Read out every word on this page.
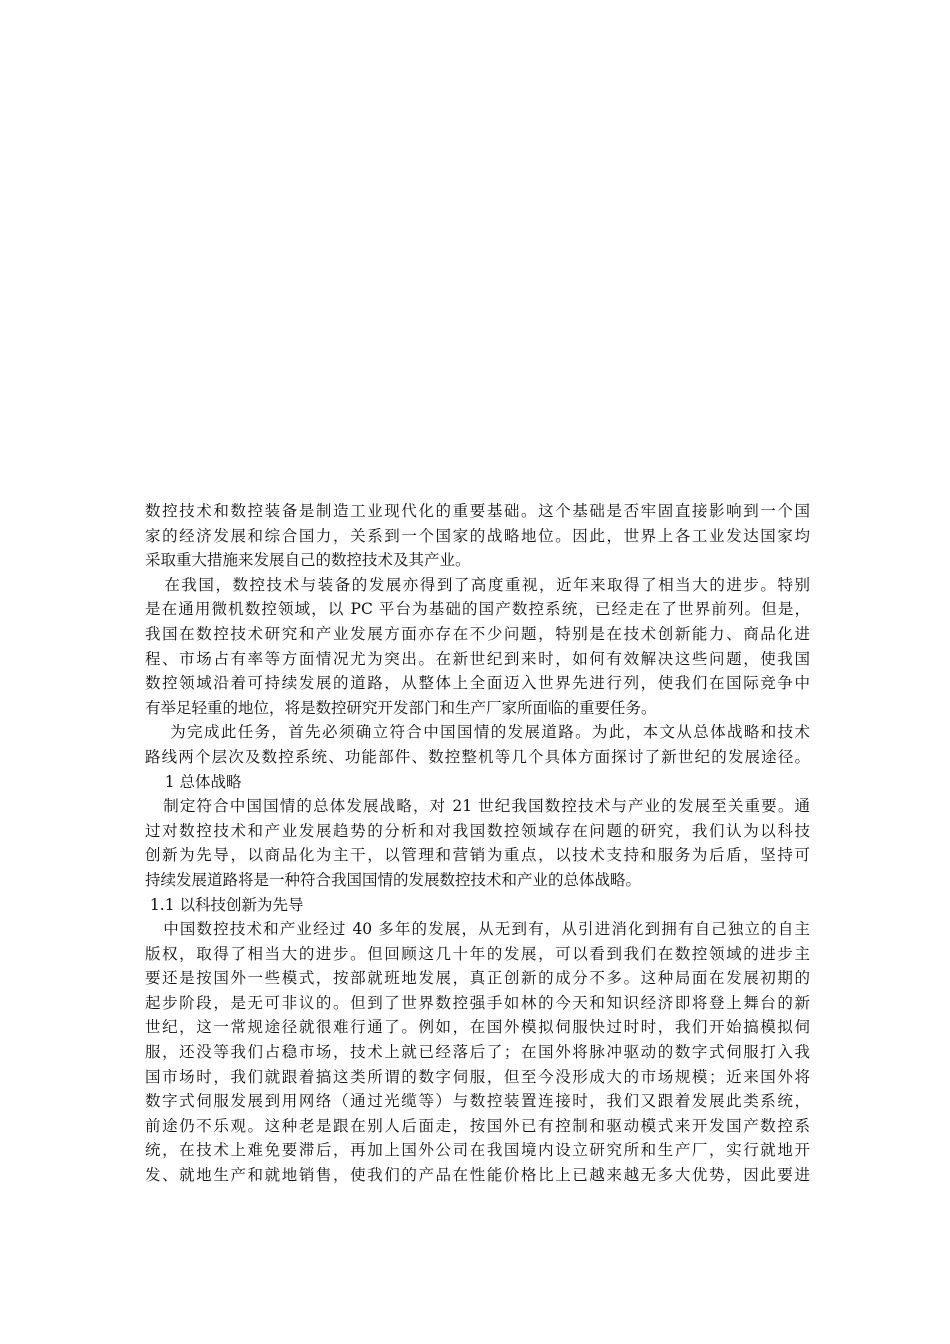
数控技术和数控装备是制造工业现代化的重要基础。这个基础是否牢固直接影响到一个国
家的经济发展和综合国力，关系到一个国家的战略地位。因此，世界上各工业发达国家均
采取重大措施来发展自己的数控技术及其产业。
在我国，数控技术与装备的发展亦得到了高度重视，近年来取得了相当大的进步。特别
是在通用微机数控领域，以 PC 平台为基础的国产数控系统，已经走在了世界前列。但是，
我国在数控技术研究和产业发展方面亦存在不少问题，特别是在技术创新能力、商品化进
程、市场占有率等方面情况尤为突出。在新世纪到来时，如何有效解决这些问题，使我国
数控领域沿着可持续发展的道路，从整体上全面迈入世界先进行列，使我们在国际竞争中
有举足轻重的地位，将是数控研究开发部门和生产厂家所面临的重要任务。
为完成此任务，首先必须确立符合中国国情的发展道路。为此，本文从总体战略和技术
路线两个层次及数控系统、功能部件、数控整机等几个具体方面探讨了新世纪的发展途径。
1 总体战略
制定符合中国国情的总体发展战略，对 21 世纪我国数控技术与产业的发展至关重要。通
过对数控技术和产业发展趋势的分析和对我国数控领域存在问题的研究，我们认为以科技
创新为先导，以商品化为主干，以管理和营销为重点，以技术支持和服务为后盾，坚持可
持续发展道路将是一种符合我国国情的发展数控技术和产业的总体战略。
1.1 以科技创新为先导
中国数控技术和产业经过 40 多年的发展，从无到有，从引进消化到拥有自己独立的自主
版权，取得了相当大的进步。但回顾这几十年的发展，可以看到我们在数控领域的进步主
要还是按国外一些模式，按部就班地发展，真正创新的成分不多。这种局面在发展初期的
起步阶段，是无可非议的。但到了世界数控强手如林的今天和知识经济即将登上舞台的新
世纪，这一常规途径就很难行通了。例如，在国外模拟伺服快过时时，我们开始搞模拟伺
服，还没等我们占稳市场，技术上就已经落后了；在国外将脉冲驱动的数字式伺服打入我
国市场时，我们就跟着搞这类所谓的数字伺服，但至今没形成大的市场规模；近来国外将
数字式伺服发展到用网络（通过光缆等）与数控装置连接时，我们又跟着发展此类系统，
前途仍不乐观。这种老是跟在别人后面走，按国外已有控制和驱动模式来开发国产数控系
统，在技术上难免要滞后，再加上国外公司在我国境内设立研究所和生产厂，实行就地开
发、就地生产和就地销售，使我们的产品在性能价格比上已越来越无多大优势，因此要进
